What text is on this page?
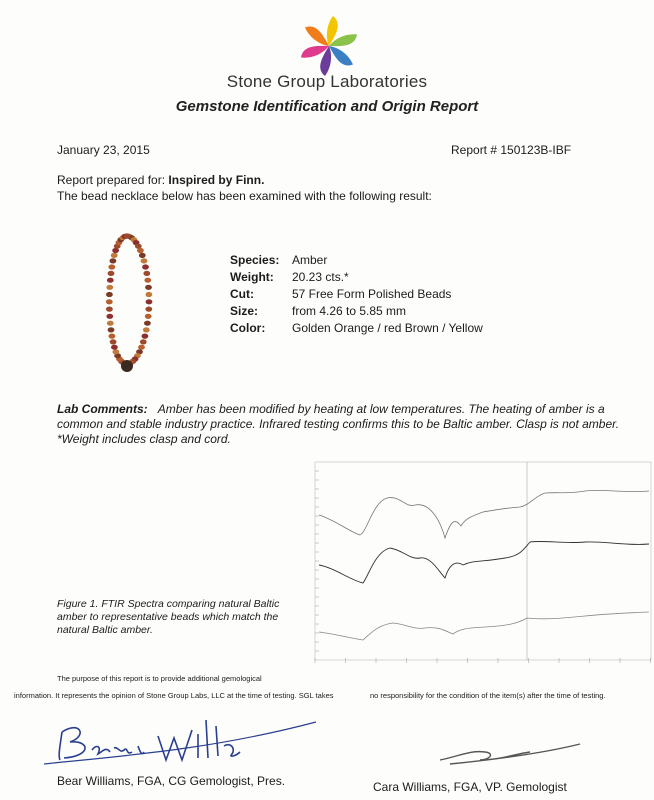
Stone Group Laboratories
Gemstone Identification and Origin Report
January 23, 2015	Report # 150123B-IBF
Report prepared for: Inspired by Finn.
The bead necklace below has been examined with the following result:
Species: Amber
Weight: 20.23 cts.*
Cut:	57 Free Form Polished Beads
Size:	from 4.26 to 5.85 mm
Color: Golden Orange / red Brown / Yellow
Lab Comments: Amber has been modified by heating at low temperatures. The heating of amber is a common and stable industry practice. Infrared testing confirms this to be Baltic amber. Clasp is not amber.
*Weight includes clasp and cord.
Figure 1. FTIR Spectra comparing natural Baltic amber to representative beads which match the natural Baltic amber.
The purpose of this report is to provide additional gemological
information. It represents the opinion of Stone Group Labs, LLC at the time of testing. SGL takes	no responsibility for the condition of the item(s) after the time of testing.
Bear Williams, FGA, CG Gemologist, Pres.	Cara Williams, FGA, VP. Gemologist
